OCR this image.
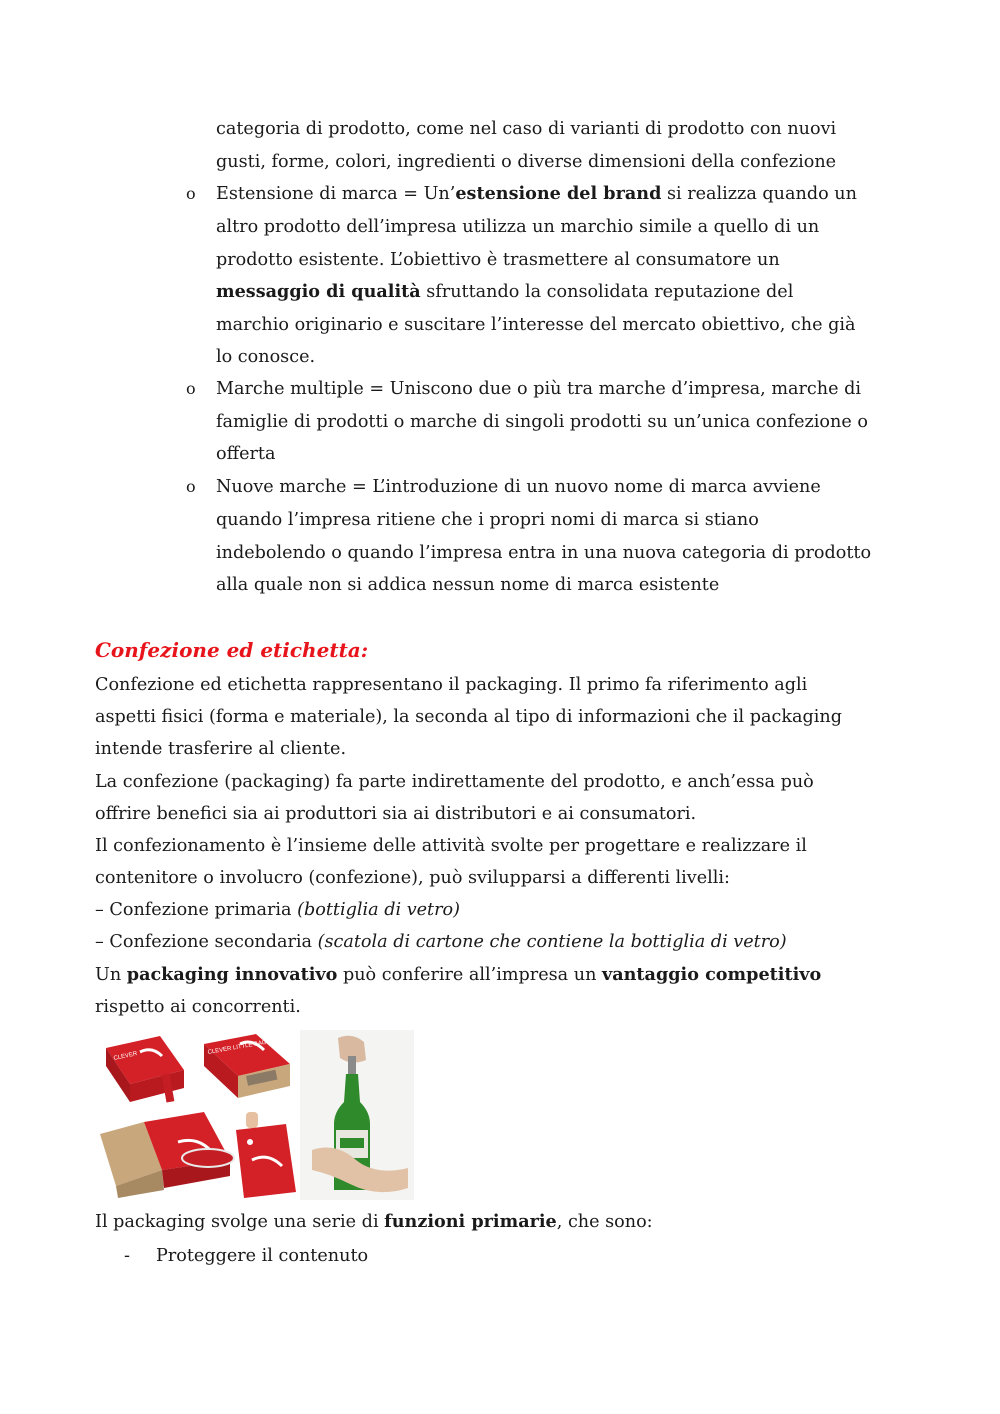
categoria di prodotto, come nel caso di varianti di prodotto con nuovi
gusti, forme, colori, ingredienti o diverse dimensioni della confezione
o Estensione di marca = Un’estensione del brand si realizza quando un
altro prodotto dell’impresa utilizza un marchio simile a quello di un
prodotto esistente. L’obiettivo è trasmettere al consumatore un
messaggio di qualità sfruttando la consolidata reputazione del
marchio originario e suscitare l’interesse del mercato obiettivo, che già
lo conosce.
o Marche multiple = Uniscono due o più tra marche d’impresa, marche di
famiglie di prodotti o marche di singoli prodotti su un’unica confezione o
offerta
o Nuove marche = L’introduzione di un nuovo nome di marca avviene
quando l’impresa ritiene che i propri nomi di marca si stiano
indebolendo o quando l’impresa entra in una nuova categoria di prodotto
alla quale non si addica nessun nome di marca esistente
Confezione ed etichetta:
Confezione ed etichetta rappresentano il packaging. Il primo fa riferimento agli
aspetti fisici (forma e materiale), la seconda al tipo di informazioni che il packaging
intende trasferire al cliente.
La confezione (packaging) fa parte indirettamente del prodotto, e anch’essa può
offrire benefici sia ai produttori sia ai distributori e ai consumatori.
Il confezionamento è l’insieme delle attività svolte per progettare e realizzare il
contenitore o involucro (confezione), può svilupparsi a differenti livelli:
– Confezione primaria (bottiglia di vetro)
– Confezione secondaria (scatola di cartone che contiene la bottiglia di vetro)
Un packaging innovativo può conferire all’impresa un vantaggio competitivo
rispetto ai concorrenti.
CLEVER
CLEVER LITTLE BAG
Il packaging svolge una serie di funzioni primarie, che sono:
- Proteggere il contenuto
